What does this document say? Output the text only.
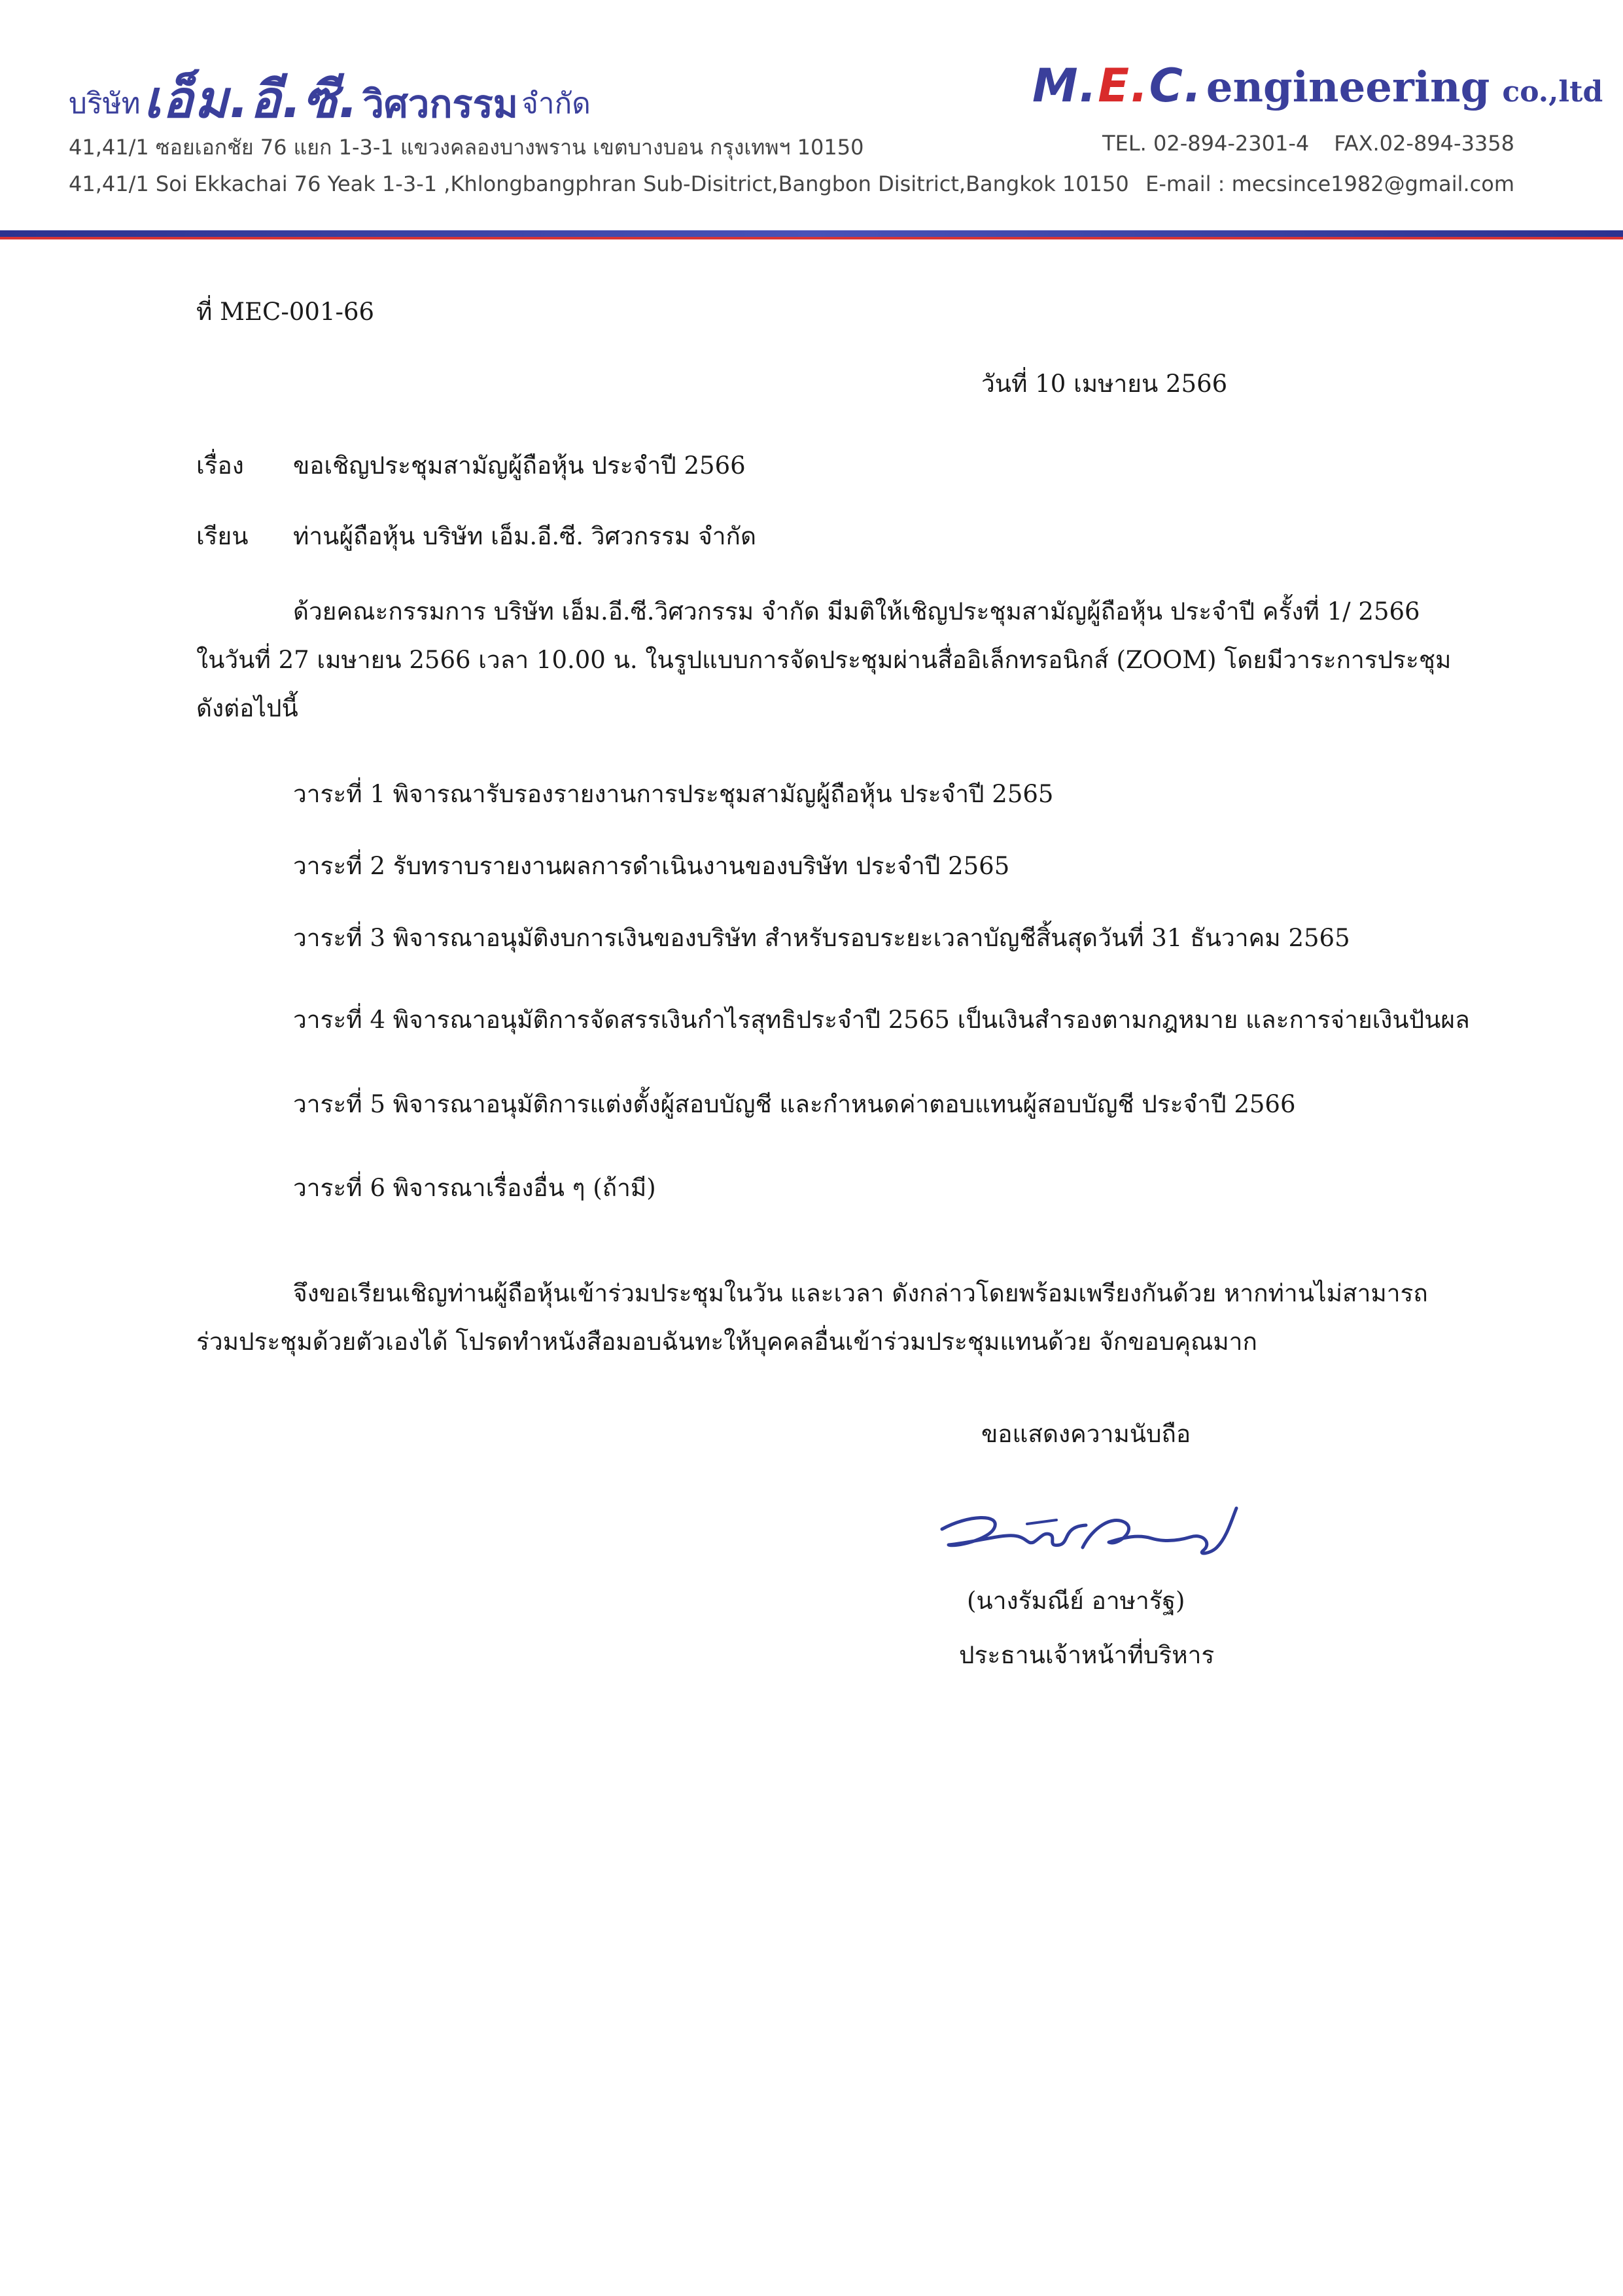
บริษัท เอ็ม.อี.ซี. วิศวกรรม จำกัด	M.E.C. engineering co.,ltd
41,41/1 ซอยเอกชัย 76 แยก 1-3-1 แขวงคลองบางพราน เขตบางบอน กรุงเทพฯ 10150
41,41/1 Soi Ekkachai 76 Yeak 1-3-1 ,Khlongbangphran Sub-Disitrict,Bangbon Disitrict,Bangkok 10150
TEL. 02-894-2301-4 FAX.02-894-3358
E-mail : mecsince1982@gmail.com
ที่ MEC-001-66
วันที่ 10 เมษายน 2566
เรื่อง ขอเชิญประชุมสามัญผู้ถือหุ้น ประจำปี 2566
เรียน ท่านผู้ถือหุ้น บริษัท เอ็ม.อี.ซี. วิศวกรรม จำกัด
ด้วยคณะกรรมการ บริษัท เอ็ม.อี.ซี.วิศวกรรม จำกัด มีมติให้เชิญประชุมสามัญผู้ถือหุ้น ประจำปี ครั้งที่ 1/ 2566 ในวันที่ 27 เมษายน 2566 เวลา 10.00 น. ในรูปแบบการจัดประชุมผ่านสื่ออิเล็กทรอนิกส์ (ZOOM) โดยมีวาระการประชุม ดังต่อไปนี้
วาระที่ 1 พิจารณารับรองรายงานการประชุมสามัญผู้ถือหุ้น ประจำปี 2565
วาระที่ 2 รับทราบรายงานผลการดำเนินงานของบริษัท ประจำปี 2565
วาระที่ 3 พิจารณาอนุมัติงบการเงินของบริษัท สำหรับรอบระยะเวลาบัญชีสิ้นสุดวันที่ 31 ธันวาคม 2565
วาระที่ 4 พิจารณาอนุมัติการจัดสรรเงินกำไรสุทธิประจำปี 2565 เป็นเงินสำรองตามกฎหมาย และการจ่ายเงินปันผล
วาระที่ 5 พิจารณาอนุมัติการแต่งตั้งผู้สอบบัญชี และกำหนดค่าตอบแทนผู้สอบบัญชี ประจำปี 2566
วาระที่ 6 พิจารณาเรื่องอื่น ๆ (ถ้ามี)
จึงขอเรียนเชิญท่านผู้ถือหุ้นเข้าร่วมประชุมในวัน และเวลา ดังกล่าวโดยพร้อมเพรียงกันด้วย หากท่านไม่สามารถร่วมประชุมด้วยตัวเองได้ โปรดทำหนังสือมอบฉันทะให้บุคคลอื่นเข้าร่วมประชุมแทนด้วย จักขอบคุณมาก
ขอแสดงความนับถือ
(นางรัมณีย์ อาษารัฐ)
ประธานเจ้าหน้าที่บริหาร
